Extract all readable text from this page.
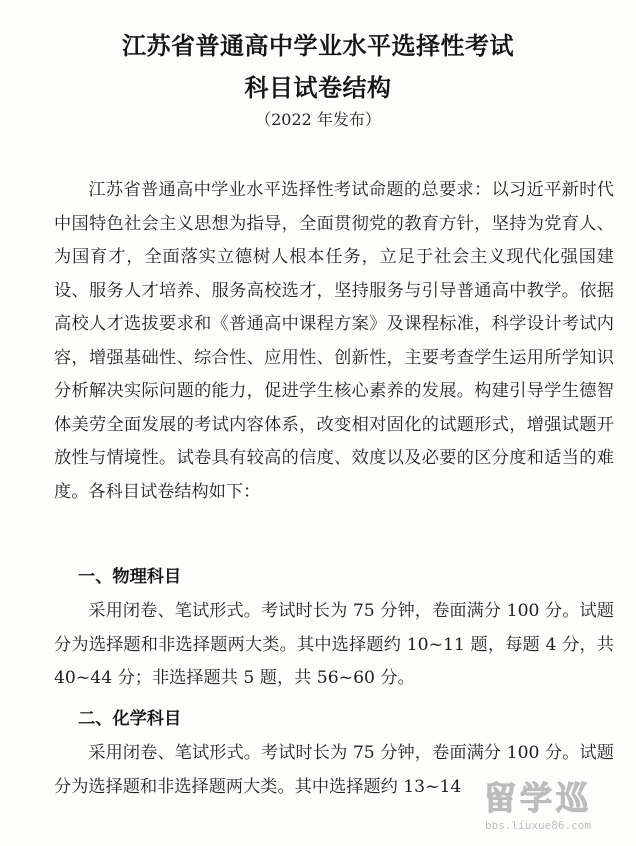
江苏省普通高中学业水平选择性考试
科目试卷结构
（2022 年发布）
江苏省普通高中学业水平选择性考试命题的总要求：以习近平新时代中国特色社会主义思想为指导，全面贯彻党的教育方针，坚持为党育人、为国育才，全面落实立德树人根本任务，立足于社会主义现代化强国建设、服务人才培养、服务高校选才，坚持服务与引导普通高中教学。依据高校人才选拔要求和《普通高中课程方案》及课程标准，科学设计考试内容，增强基础性、综合性、应用性、创新性，主要考查学生运用所学知识分析解决实际问题的能力，促进学生核心素养的发展。构建引导学生德智体美劳全面发展的考试内容体系，改变相对固化的试题形式，增强试题开放性与情境性。试卷具有较高的信度、效度以及必要的区分度和适当的难度。各科目试卷结构如下：
一、物理科目
采用闭卷、笔试形式。考试时长为 75 分钟，卷面满分 100 分。试题分为选择题和非选择题两大类。其中选择题约 10~11 题，每题 4 分，共 40~44 分；非选择题共 5 题，共 56~60 分。
二、化学科目
采用闭卷、笔试形式。考试时长为 75 分钟，卷面满分 100 分。试题分为选择题和非选择题两大类。其中选择题约 13~14 留学巡
bbs.liuxue86.com
